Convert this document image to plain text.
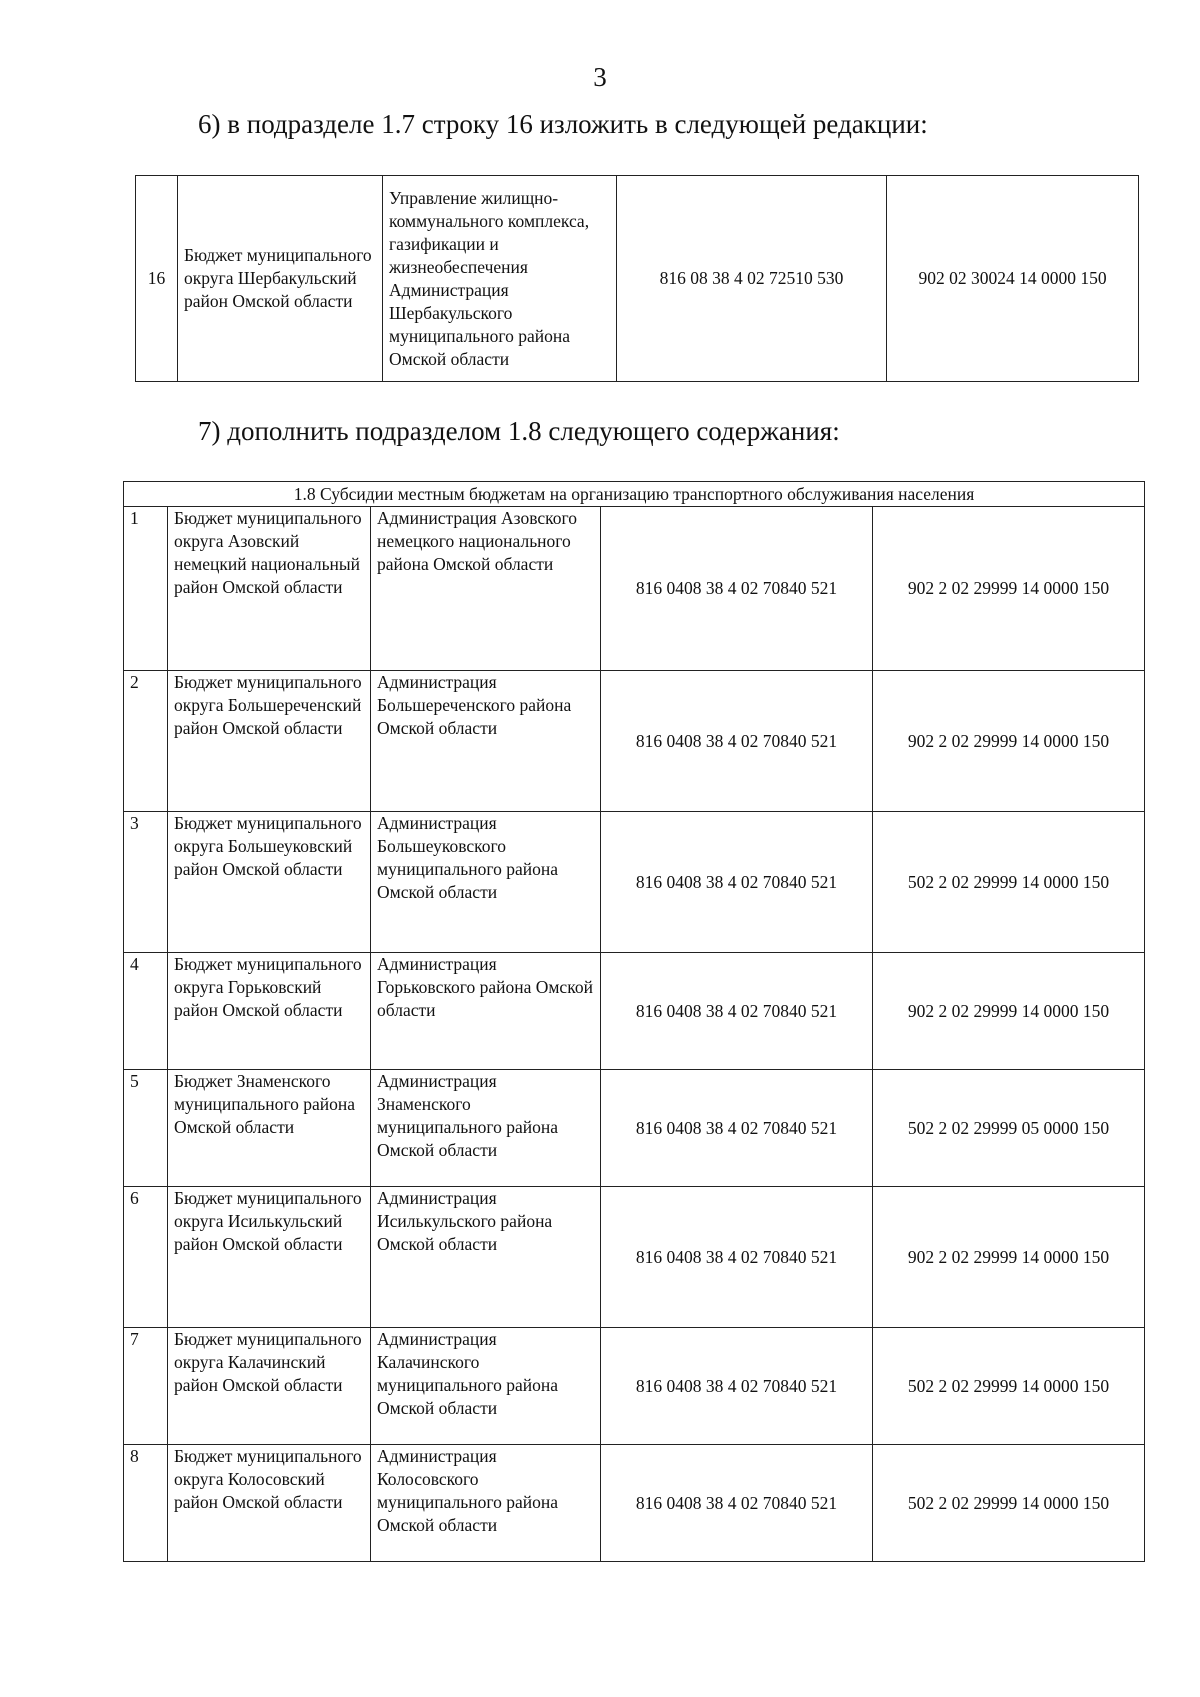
3
6) в подразделе 1.7 строку 16 изложить в следующей редакции:
16	Бюджет муниципального округа Шербакульский район Омской области	Управление жилищно-коммунального комплекса, газификации и жизнеобеспечения Администрация Шербакульского муниципального района Омской области	816 08 38 4 02 72510 530	902 02 30024 14 0000 150
7) дополнить подразделом 1.8 следующего содержания:
1.8 Субсидии местным бюджетам на организацию транспортного обслуживания населения				
1	Бюджет муниципального округа Азовский немецкий национальный район Омской области	Администрация Азовского немецкого национального района Омской области	816 0408 38 4 02 70840 521	902 2 02 29999 14 0000 150
2	Бюджет муниципального округа Большереченский район Омской области	Администрация Большереченского района Омской области	816 0408 38 4 02 70840 521	902 2 02 29999 14 0000 150
3	Бюджет муниципального округа Большеуковский район Омской области	Администрация Большеуковского муниципального района Омской области	816 0408 38 4 02 70840 521	502 2 02 29999 14 0000 150
4	Бюджет муниципального округа Горьковский район Омской области	Администрация Горьковского района Омской области	816 0408 38 4 02 70840 521	902 2 02 29999 14 0000 150
5	Бюджет Знаменского муниципального района Омской области	Администрация Знаменского муниципального района Омской области	816 0408 38 4 02 70840 521	502 2 02 29999 05 0000 150
6	Бюджет муниципального округа Исилькульский район Омской области	Администрация Исилькульского района Омской области	816 0408 38 4 02 70840 521	902 2 02 29999 14 0000 150
7	Бюджет муниципального округа Калачинский район Омской области	Администрация Калачинского муниципального района Омской области	816 0408 38 4 02 70840 521	502 2 02 29999 14 0000 150
8	Бюджет муниципального округа Колосовский район Омской области	Администрация Колосовского муниципального района Омской области	816 0408 38 4 02 70840 521	502 2 02 29999 14 0000 150
